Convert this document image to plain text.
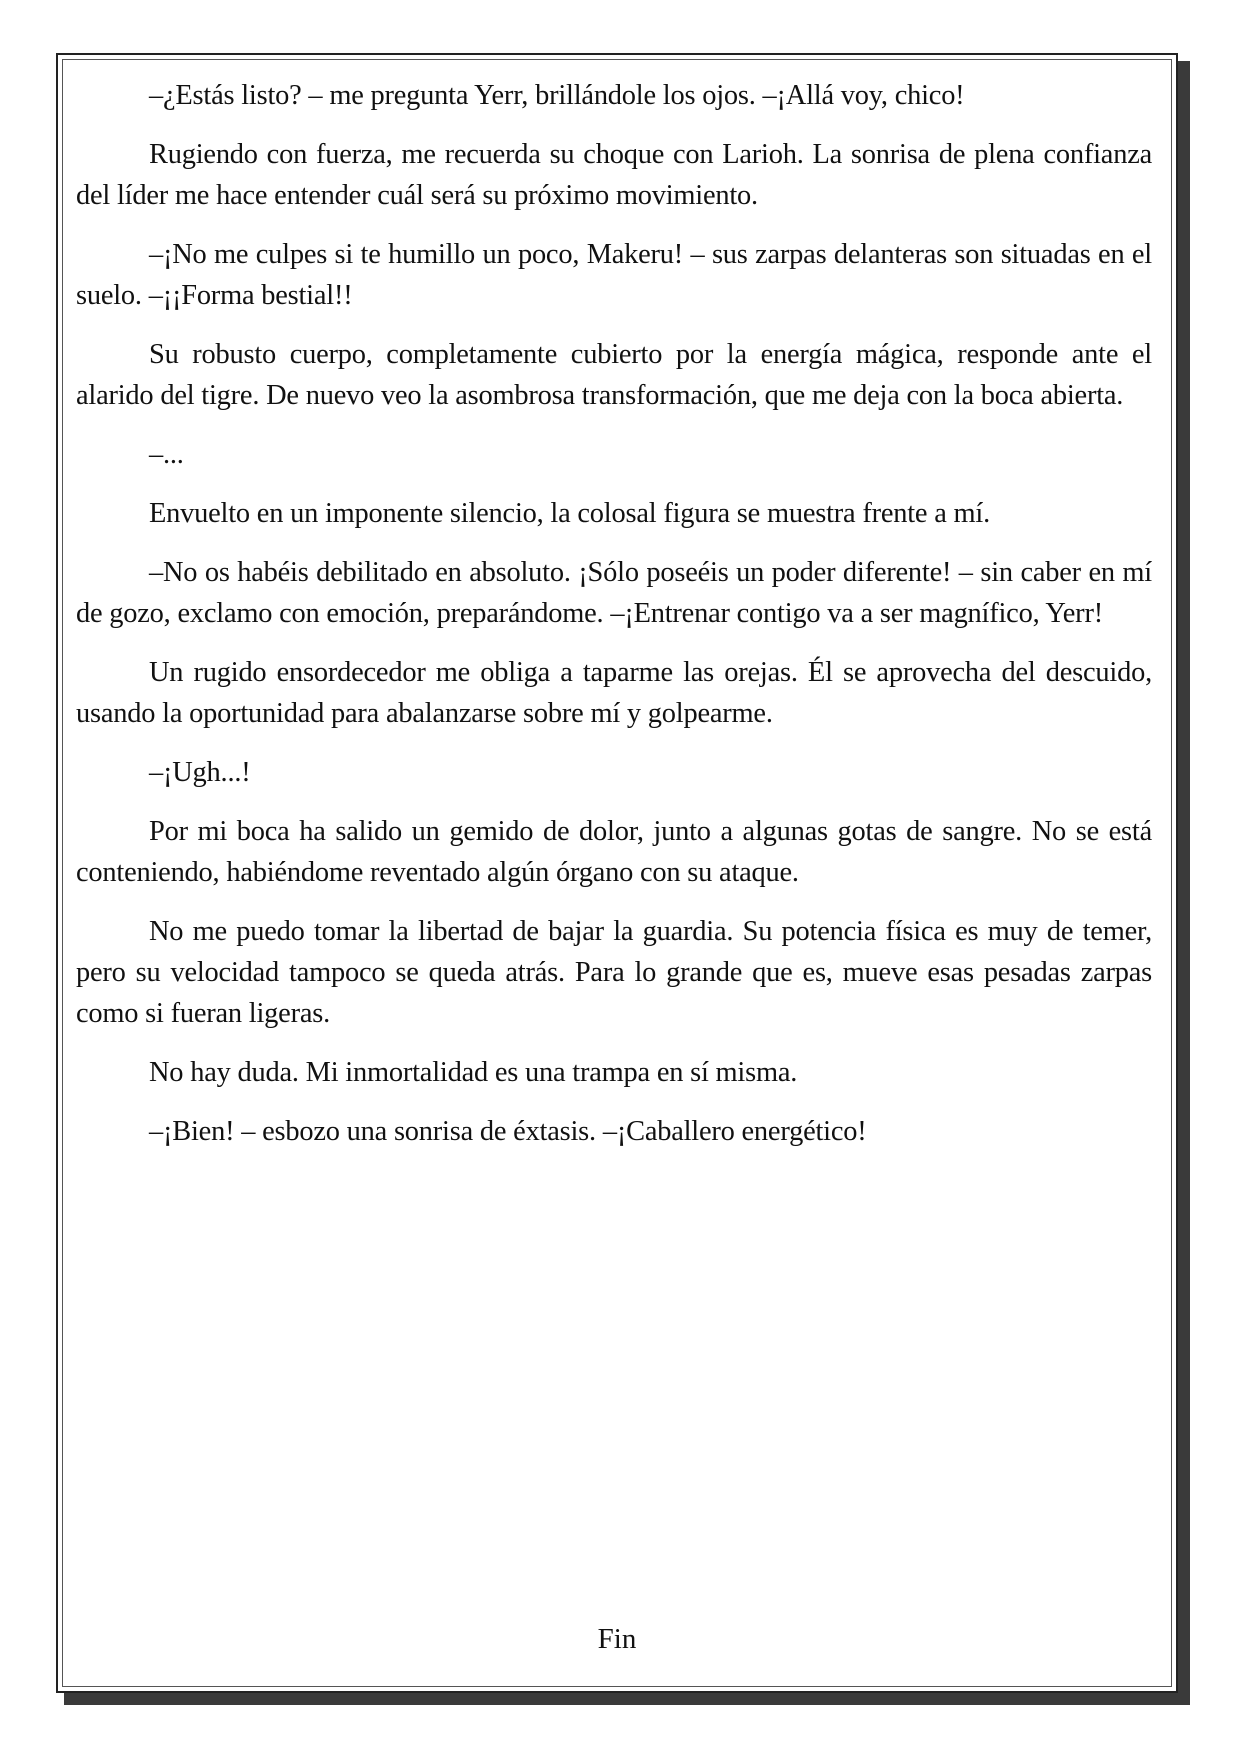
–¿Estás listo? – me pregunta Yerr, brillándole los ojos. –¡Allá voy, chico!

Rugiendo con fuerza, me recuerda su choque con Larioh. La sonrisa de plena confianza del líder me hace entender cuál será su próximo movimiento.

–¡No me culpes si te humillo un poco, Makeru! – sus zarpas delanteras son situadas en el suelo. –¡¡Forma bestial!!

Su robusto cuerpo, completamente cubierto por la energía mágica, responde ante el alarido del tigre. De nuevo veo la asombrosa transformación, que me deja con la boca abierta.

–...

Envuelto en un imponente silencio, la colosal figura se muestra frente a mí.

–No os habéis debilitado en absoluto. ¡Sólo poseéis un poder diferente! – sin caber en mí de gozo, exclamo con emoción, preparándome. –¡Entrenar contigo va a ser magnífico, Yerr!

Un rugido ensordecedor me obliga a taparme las orejas. Él se aprovecha del descuido, usando la oportunidad para abalanzarse sobre mí y golpearme.

–¡Ugh...!

Por mi boca ha salido un gemido de dolor, junto a algunas gotas de sangre. No se está conteniendo, habiéndome reventado algún órgano con su ataque.

No me puedo tomar la libertad de bajar la guardia. Su potencia física es muy de temer, pero su velocidad tampoco se queda atrás. Para lo grande que es, mueve esas pesadas zarpas como si fueran ligeras.

No hay duda. Mi inmortalidad es una trampa en sí misma.

–¡Bien! – esbozo una sonrisa de éxtasis. –¡Caballero energético!

Fin
